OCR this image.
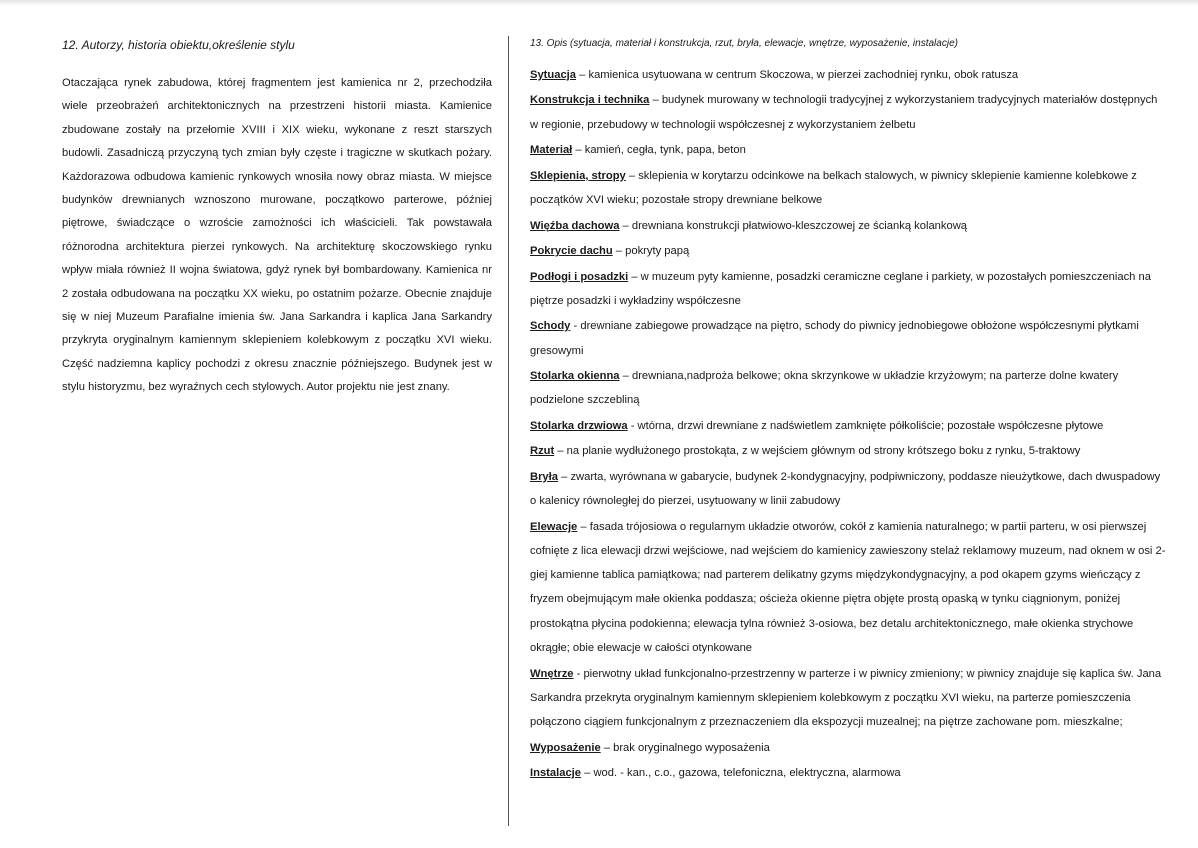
12. Autorzy, historia obiektu,określenie stylu

Otaczająca rynek zabudowa, której fragmentem jest kamienica nr 2, przechodziła wiele przeobrażeń architektonicznych na przestrzeni historii miasta. Kamienice zbudowane zostały na przełomie XVIII i XIX wieku, wykonane z reszt starszych budowli. Zasadniczą przyczyną tych zmian były częste i tragiczne w skutkach pożary. Każdorazowa odbudowa kamienic rynkowych wnosiła nowy obraz miasta. W miejsce budynków drewnianych wznoszono murowane, początkowo parterowe, później piętrowe, świadczące o wzroście zamożności ich właścicieli. Tak powstawała różnorodna architektura pierzei rynkowych. Na architekturę skoczowskiego rynku wpływ miała również II wojna światowa, gdyż rynek był bombardowany. Kamienica nr 2 została odbudowana na początku XX wieku, po ostatnim pożarze. Obecnie znajduje się w niej Muzeum Parafialne imienia św. Jana Sarkandra i kaplica Jana Sarkandry przykryta oryginalnym kamiennym sklepieniem kolebkowym z początku XVI wieku. Część nadziemna kaplicy pochodzi z okresu znacznie późniejszego. Budynek jest w stylu historyzmu, bez wyraźnych cech stylowych. Autor projektu nie jest znany.

13. Opis (sytuacja, materiał i konstrukcja, rzut, bryła, elewacje, wnętrze, wyposażenie, instalacje)
Sytuacja – kamienica usytuowana w centrum Skoczowa, w pierzei zachodniej rynku, obok ratusza
Konstrukcja i technika – budynek murowany w technologii tradycyjnej z wykorzystaniem tradycyjnych materiałów dostępnych w regionie, przebudowy w technologii współczesnej z wykorzystaniem żelbetu
Materiał – kamień, cegła, tynk, papa, beton
Sklepienia, stropy – sklepienia w korytarzu odcinkowe na belkach stalowych, w piwnicy sklepienie kamienne kolebkowe z początków XVI wieku; pozostałe stropy drewniane belkowe
Więźba dachowa – drewniana konstrukcji płatwiowo-kleszczowej ze ścianką kolankową
Pokrycie dachu – pokryty papą
Podłogi i posadzki – w muzeum pyty kamienne, posadzki ceramiczne ceglane i parkiety, w pozostałych pomieszczeniach na piętrze posadzki i wykładziny współczesne
Schody - drewniane zabiegowe prowadzące na piętro, schody do piwnicy jednobiegowe obłożone współczesnymi płytkami gresowymi
Stolarka okienna – drewniana,nadproża belkowe; okna skrzynkowe w układzie krzyżowym; na parterze dolne kwatery podzielone szczebliną
Stolarka drzwiowa - wtórna, drzwi drewniane z nadświetlem zamknięte półkoliście; pozostałe współczesne płytowe
Rzut – na planie wydłużonego prostokąta, z w wejściem głównym od strony krótszego boku z rynku, 5-traktowy
Bryła – zwarta, wyrównana w gabarycie, budynek 2-kondygnacyjny, podpiwniczony, poddasze nieużytkowe, dach dwuspadowy o kalenicy równoległej do pierzei, usytuowany w linii zabudowy
Elewacje – fasada trójosiowa o regularnym układzie otworów, cokół z kamienia naturalnego; w partii parteru, w osi pierwszej cofnięte z lica elewacji drzwi wejściowe, nad wejściem do kamienicy zawieszony stelaż reklamowy muzeum, nad oknem w osi 2-giej kamienne tablica pamiątkowa; nad parterem delikatny gzyms międzykondygnacyjny, a pod okapem gzyms wieńczący z fryzem obejmującym małe okienka poddasza; ościeża okienne piętra objęte prostą opaską w tynku ciągnionym, poniżej prostokątna płycina podokienna; elewacja tylna również 3-osiowa, bez detalu architektonicznego, małe okienka strychowe okrągłe; obie elewacje w całości otynkowane
Wnętrze - pierwotny układ funkcjonalno-przestrzenny w parterze i w piwnicy zmieniony; w piwnicy znajduje się kaplica św. Jana Sarkandra przekryta oryginalnym kamiennym sklepieniem kolebkowym z początku XVI wieku, na parterze pomieszczenia połączono ciągiem funkcjonalnym z przeznaczeniem dla ekspozycji muzealnej; na piętrze zachowane pom. mieszkalne;
Wyposażenie – brak oryginalnego wyposażenia
Instalacje – wod. - kan., c.o., gazowa, telefoniczna, elektryczna, alarmowa
